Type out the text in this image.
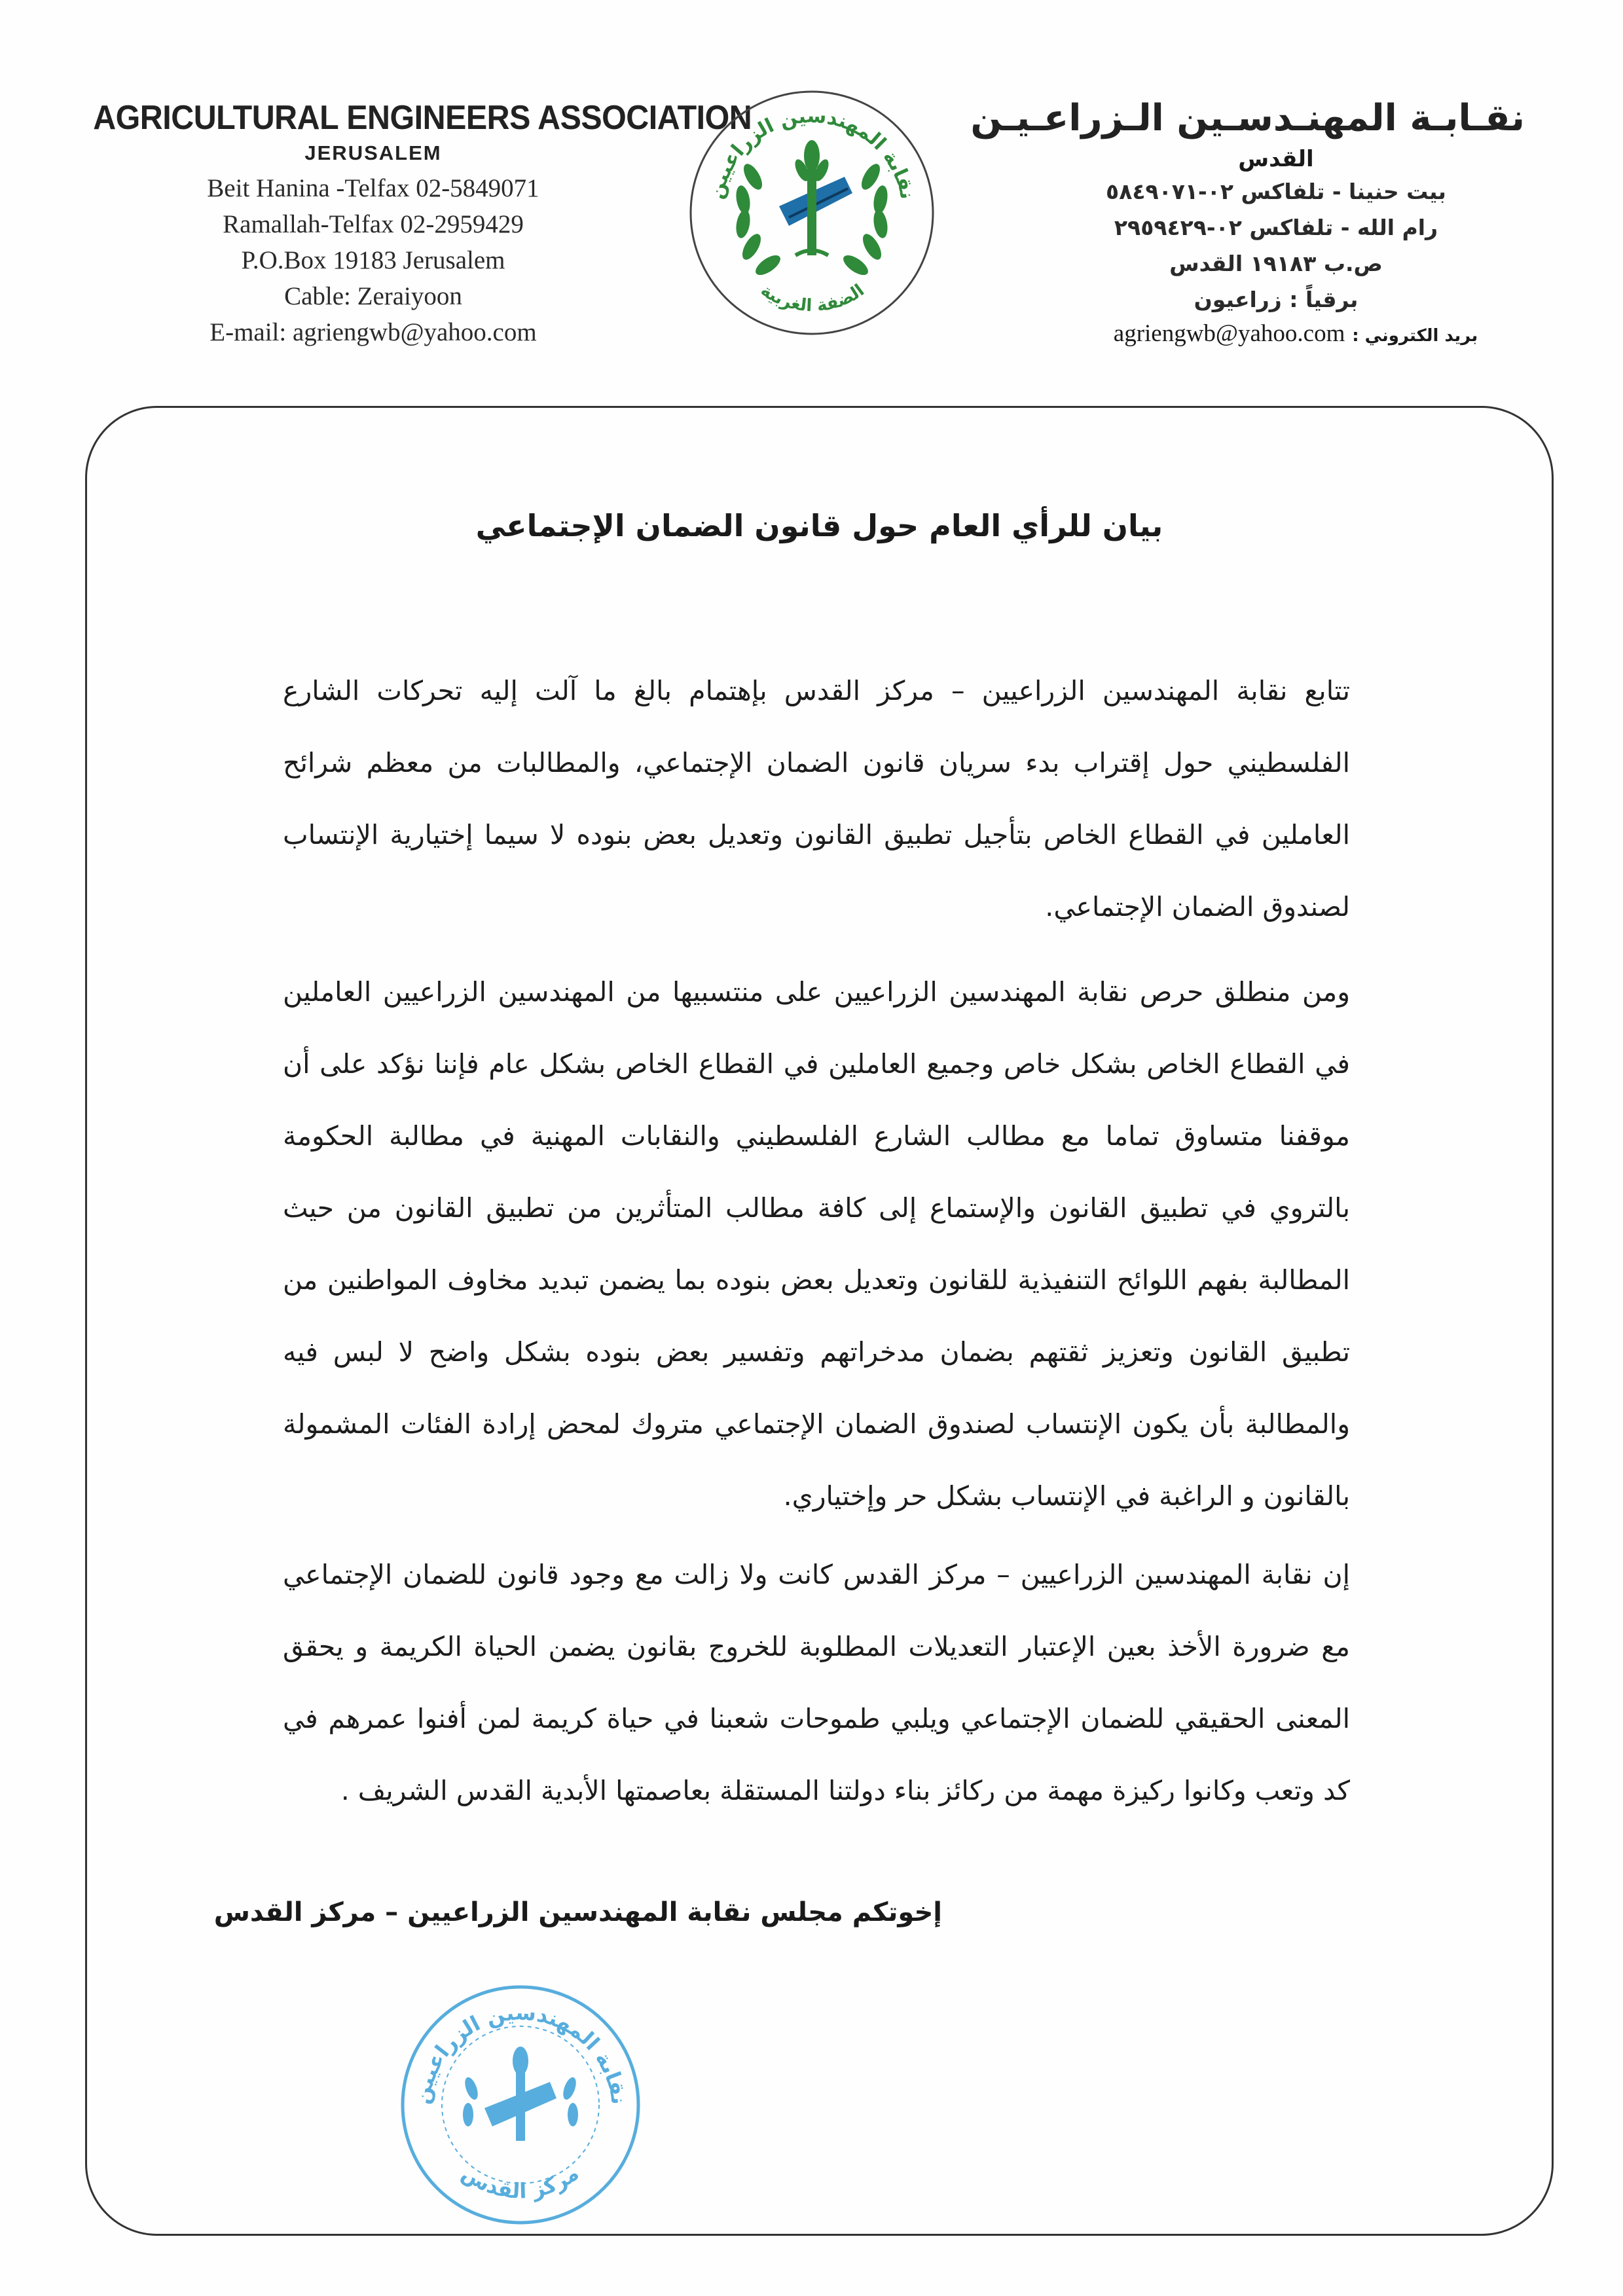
AGRICULTURAL ENGINEERS ASSOCIATION
JERUSALEM
Beit Hanina -Telfax 02-5849071
Ramallah-Telfax 02-2959429
P.O.Box 19183 Jerusalem
Cable: Zeraiyoon
E-mail: agriengwb@yahoo.com
نقابة المهندسين الزراعيين
الضفة الغربية
نقـابـة المهنـدسـين الـزراعـيـن
القدس
بيت حنينا - تلفاكس ٠٢-٥٨٤٩٠٧١
رام الله - تلفاكس ٠٢-٢٩٥٩٤٢٩
ص.ب ١٩١٨٣ القدس
برقياً : زراعيون
بريد الكتروني : agriengwb@yahoo.com
بيان للرأي العام حول قانون الضمان الإجتماعي

تتابع نقابة المهندسين الزراعيين – مركز القدس بإهتمام بالغ ما آلت إليه تحركات الشارع الفلسطيني حول إقتراب بدء سريان قانون الضمان الإجتماعي، والمطالبات من معظم شرائح العاملين في القطاع الخاص بتأجيل تطبيق القانون وتعديل بعض بنوده لا سيما إختيارية الإنتساب لصندوق الضمان الإجتماعي.

ومن منطلق حرص نقابة المهندسين الزراعيين على منتسبيها من المهندسين الزراعيين العاملين في القطاع الخاص بشكل خاص وجميع العاملين في القطاع الخاص بشكل عام فإننا نؤكد على أن موقفنا متساوق تماما مع مطالب الشارع الفلسطيني والنقابات المهنية في مطالبة الحكومة بالتروي في تطبيق القانون والإستماع إلى كافة مطالب المتأثرين من تطبيق القانون من حيث المطالبة بفهم اللوائح التنفيذية للقانون وتعديل بعض بنوده بما يضمن تبديد مخاوف المواطنين من تطبيق القانون وتعزيز ثقتهم بضمان مدخراتهم وتفسير بعض بنوده بشكل واضح لا لبس فيه والمطالبة بأن يكون الإنتساب لصندوق الضمان الإجتماعي متروك لمحض إرادة الفئات المشمولة بالقانون و الراغبة في الإنتساب بشكل حر وإختياري.

إن نقابة المهندسين الزراعيين – مركز القدس كانت ولا زالت مع وجود قانون للضمان الإجتماعي مع ضرورة الأخذ بعين الإعتبار التعديلات المطلوبة للخروج بقانون يضمن الحياة الكريمة و يحقق المعنى الحقيقي للضمان الإجتماعي ويلبي طموحات شعبنا في حياة كريمة لمن أفنوا عمرهم في كد وتعب وكانوا ركيزة مهمة من ركائز بناء دولتنا المستقلة بعاصمتها الأبدية القدس الشريف .

إخوتكم مجلس نقابة المهندسين الزراعيين – مركز القدس
نقابة المهندسين الزراعيين
مركز القدس
